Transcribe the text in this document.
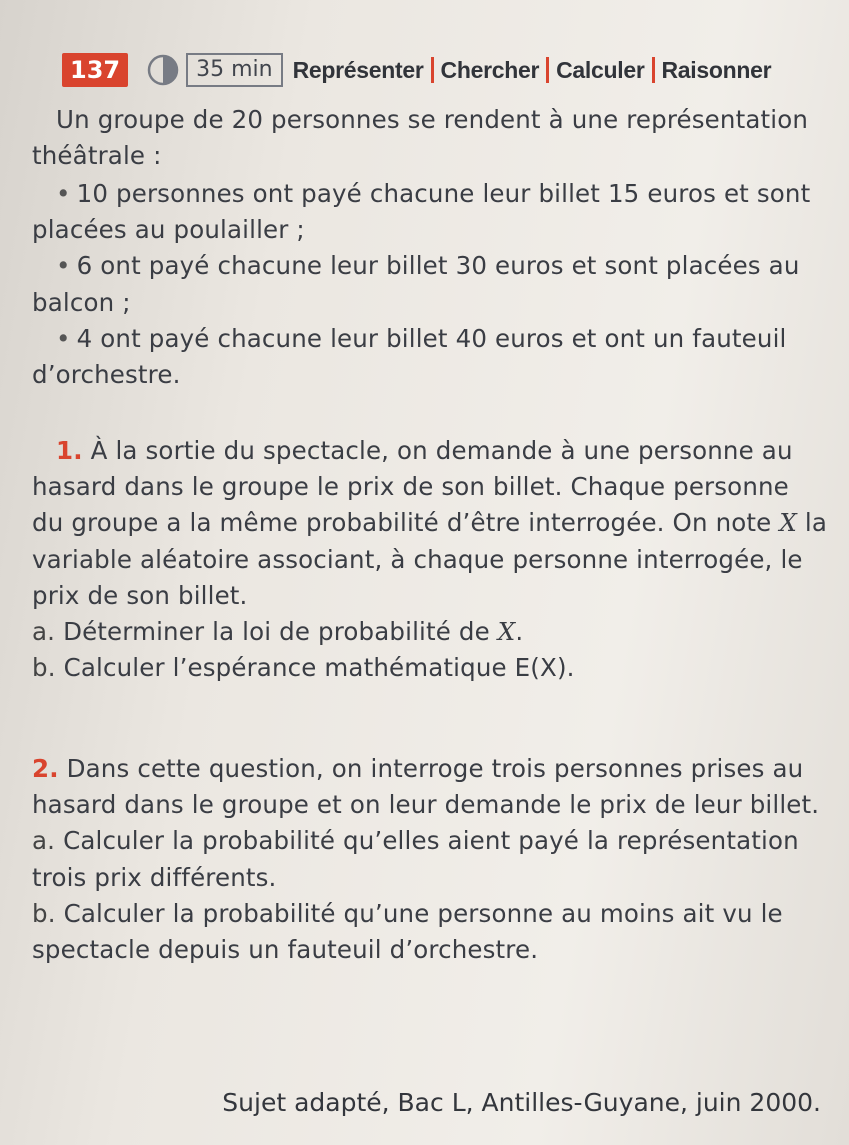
137	35 min Représenter Chercher Calculer Raisonner

Un groupe de 20 personnes se rendent à une représentation théâtrale :

• 10 personnes ont payé chacune leur billet 15 euros et sont placées au poulailler ;

• 6 ont payé chacune leur billet 30 euros et sont placées au balcon ;

• 4 ont payé chacune leur billet 40 euros et ont un fauteuil d’orchestre.

1. À la sortie du spectacle, on demande à une personne au hasard dans le groupe le prix de son billet. Chaque personne du groupe a la même probabilité d’être interrogée. On note X la variable aléatoire associant, à chaque personne interrogée, le prix de son billet.

a. Déterminer la loi de probabilité de X.

b. Calculer l’espérance mathématique E(X).

2. Dans cette question, on interroge trois personnes prises au hasard dans le groupe et on leur demande le prix de leur billet.

a. Calculer la probabilité qu’elles aient payé la représentation trois prix différents.

b. Calculer la probabilité qu’une personne au moins ait vu le spectacle depuis un fauteuil d’orchestre.

Sujet adapté, Bac L, Antilles-Guyane, juin 2000.
